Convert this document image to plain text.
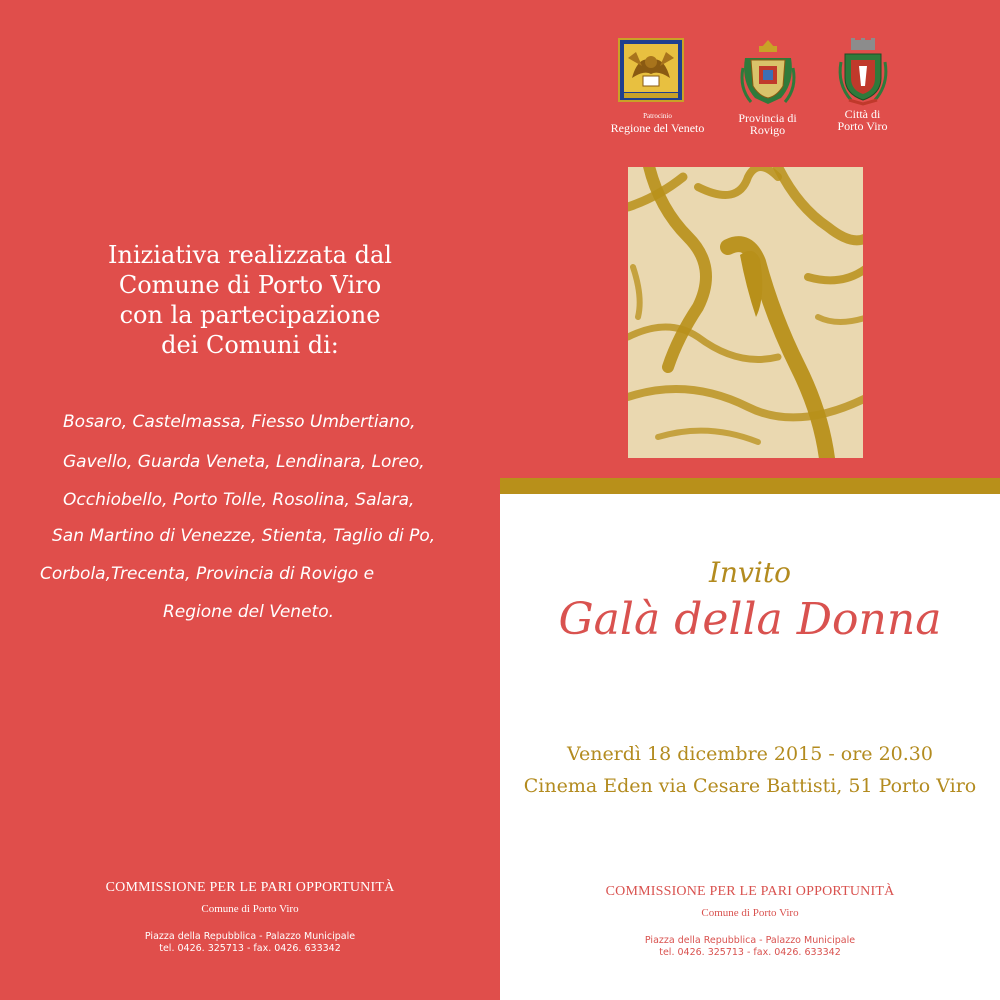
Iniziativa realizzata dal
Comune di Porto Viro
con la partecipazione
dei Comuni di:
Bosaro, Castelmassa, Fiesso Umbertiano,
Gavello, Guarda Veneta, Lendinara, Loreo,
Occhiobello, Porto Tolle, Rosolina, Salara,
San Martino di Venezze, Stienta, Taglio di Po,
Corbola,Trecenta, Provincia di Rovigo e
Regione del Veneto.
COMMISSIONE PER LE PARI OPPORTUNITÀ
Comune di Porto Viro
Piazza della Repubblica - Palazzo Municipale
tel. 0426. 325713 - fax. 0426. 633342
Patrocinio
Regione del Veneto
Provincia di
Rovigo
Città di
Porto Viro
Invito
Galà della Donna
Venerdì 18 dicembre 2015 - ore 20.30
Cinema Eden via Cesare Battisti, 51 Porto Viro
COMMISSIONE PER LE PARI OPPORTUNITÀ
Comune di Porto Viro
Piazza della Repubblica - Palazzo Municipale
tel. 0426. 325713 - fax. 0426. 633342
